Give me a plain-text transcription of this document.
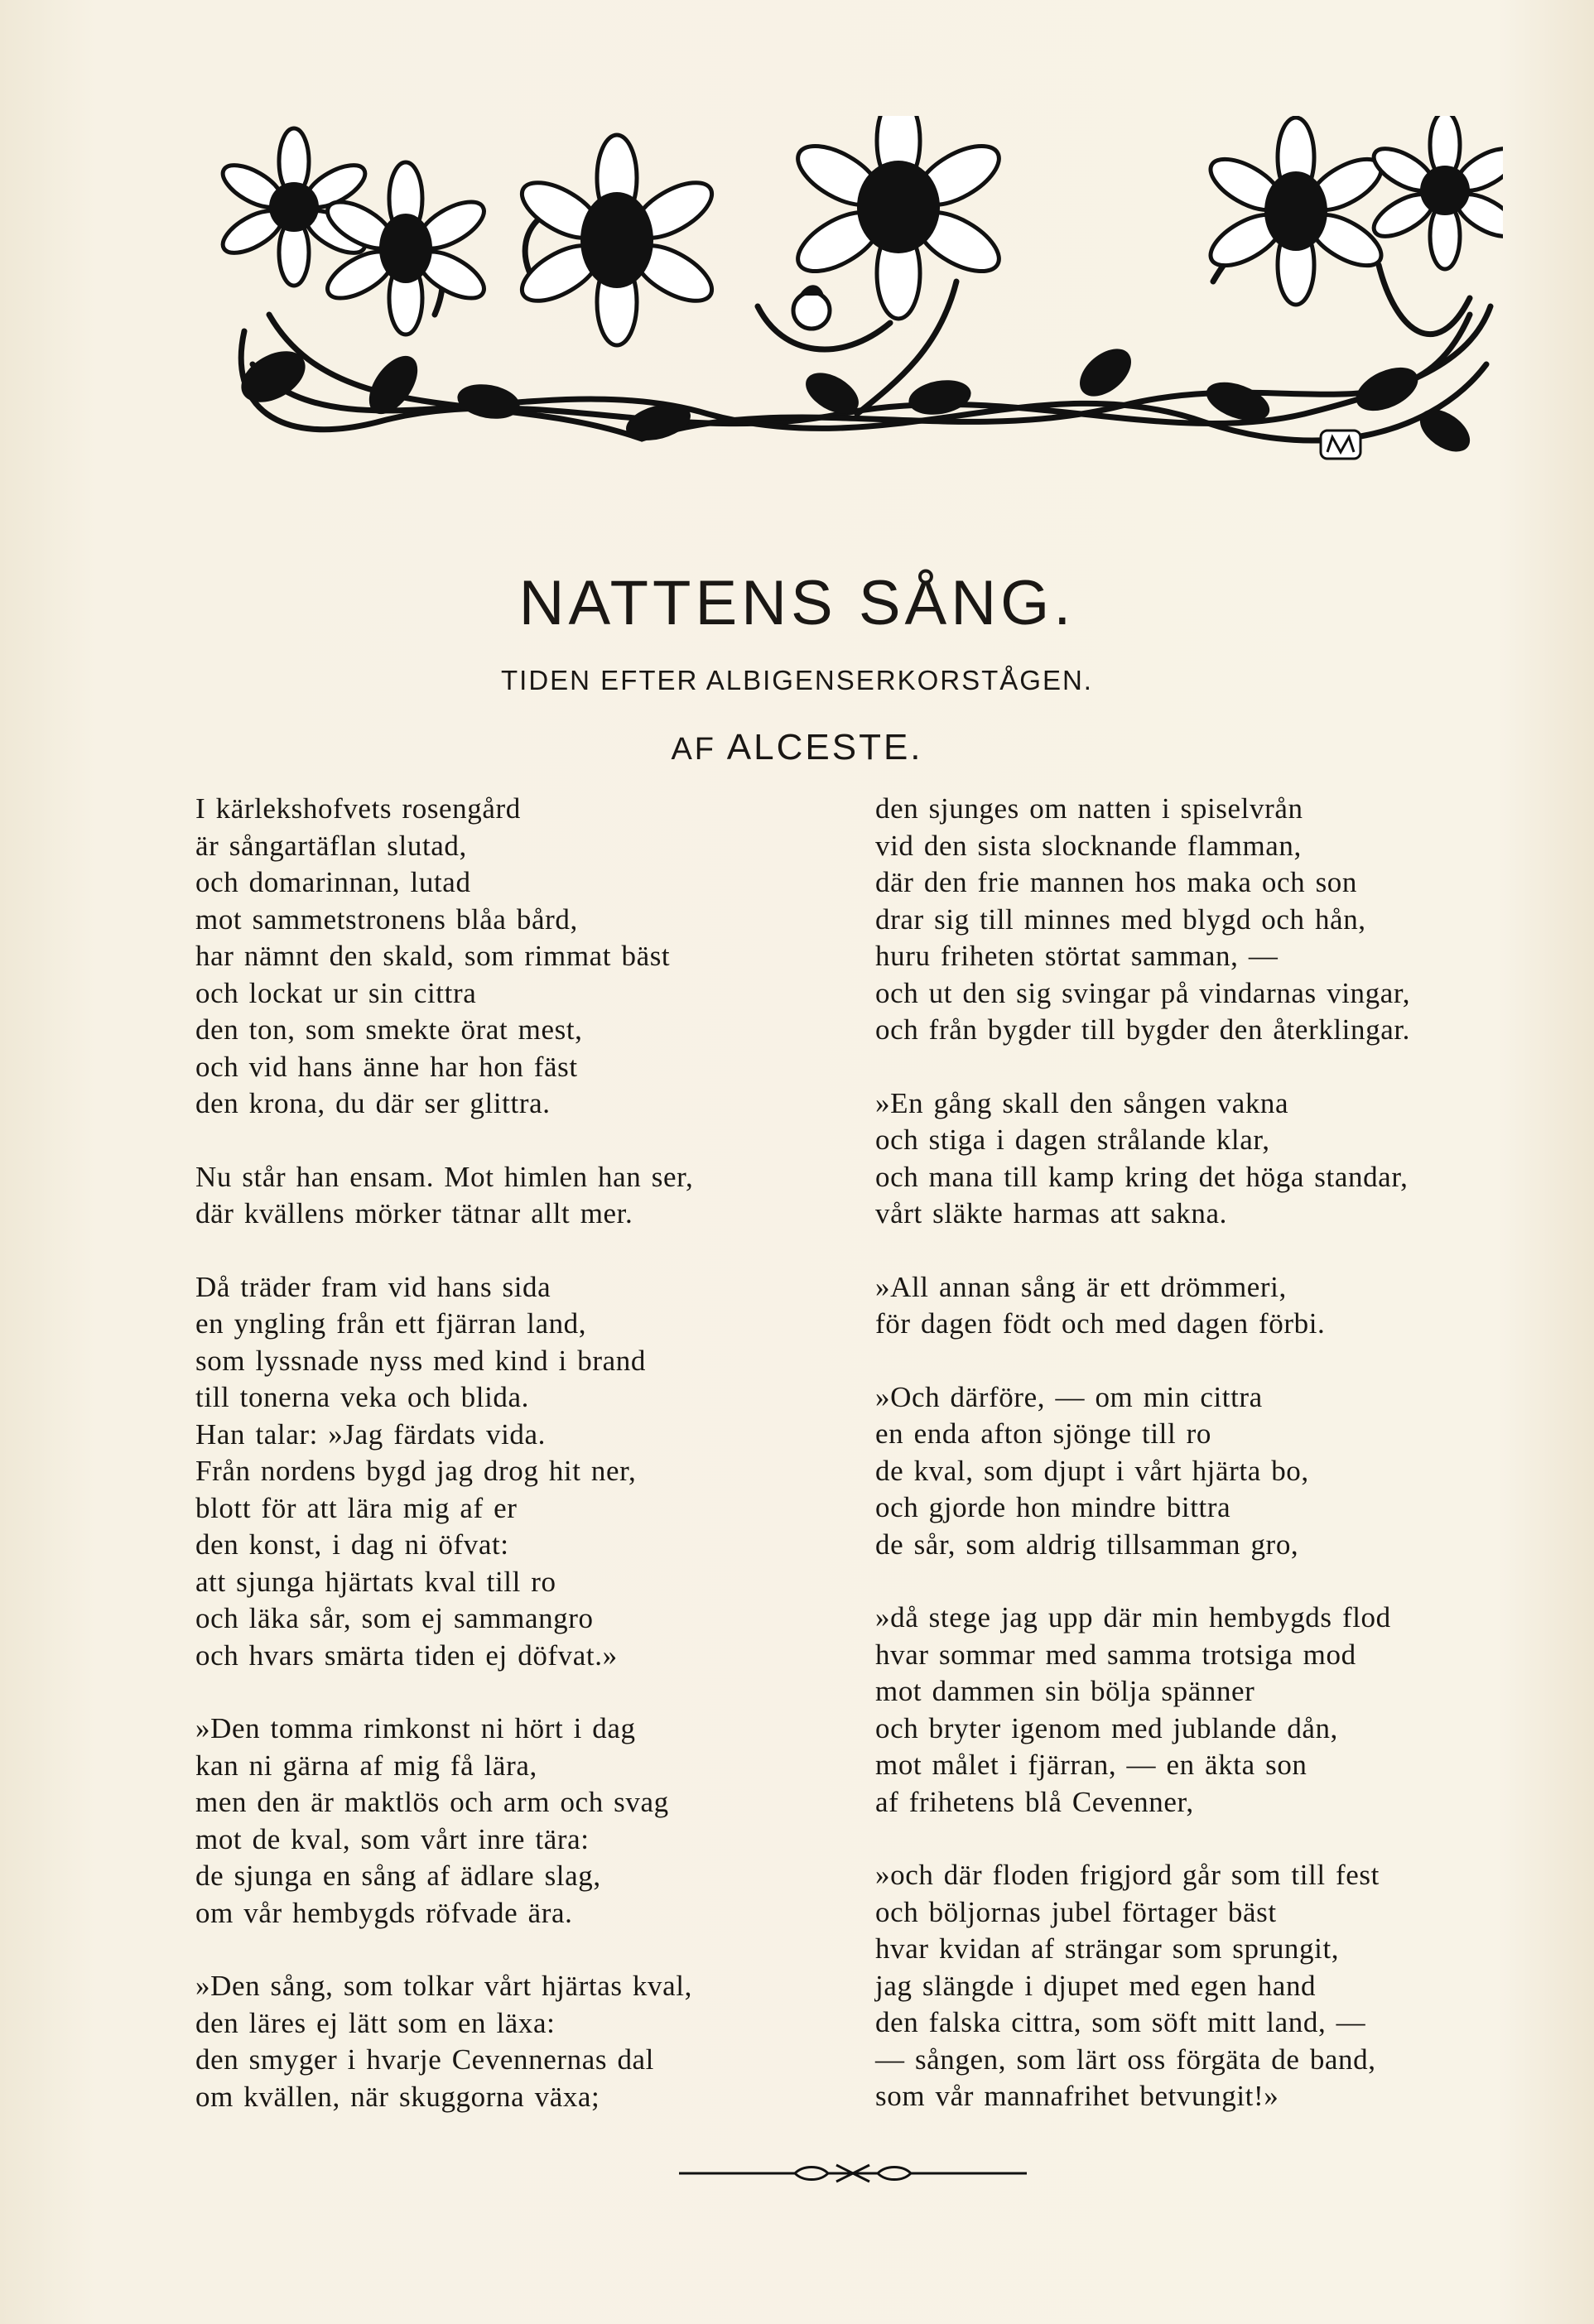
NATTENS SÅNG.
TIDEN EFTER ALBIGENSERKORSTÅGEN.
AF ALCESTE.
I kärlekshofvets rosengård
är sångartäflan slutad,
och domarinnan, lutad
mot sammetstronens blåa bård,
har nämnt den skald, som rimmat bäst
och lockat ur sin cittra
den ton, som smekte örat mest,
och vid hans änne har hon fäst
den krona, du där ser glittra.
Nu står han ensam. Mot himlen han ser,
där kvällens mörker tätnar allt mer.
Då träder fram vid hans sida
en yngling från ett fjärran land,
som lyssnade nyss med kind i brand
till tonerna veka och blida.
Han talar: »Jag färdats vida.
Från nordens bygd jag drog hit ner,
blott för att lära mig af er
den konst, i dag ni öfvat:
att sjunga hjärtats kval till ro
och läka sår, som ej sammangro
och hvars smärta tiden ej döfvat.»
»Den tomma rimkonst ni hört i dag
kan ni gärna af mig få lära,
men den är maktlös och arm och svag
mot de kval, som vårt inre tära:
de sjunga en sång af ädlare slag,
om vår hembygds röfvade ära.
»Den sång, som tolkar vårt hjärtas kval,
den läres ej lätt som en läxa:
den smyger i hvarje Cevennernas dal
om kvällen, när skuggorna växa;
den sjunges om natten i spiselvrån
vid den sista slocknande flamman,
där den frie mannen hos maka och son
drar sig till minnes med blygd och hån,
huru friheten störtat samman, —
och ut den sig svingar på vindarnas vingar,
och från bygder till bygder den återklingar.
»En gång skall den sången vakna
och stiga i dagen strålande klar,
och mana till kamp kring det höga standar,
vårt släkte harmas att sakna.
»All annan sång är ett drömmeri,
för dagen födt och med dagen förbi.
»Och därföre, — om min cittra
en enda afton sjönge till ro
de kval, som djupt i vårt hjärta bo,
och gjorde hon mindre bittra
de sår, som aldrig tillsamman gro,
»då stege jag upp där min hembygds flod
hvar sommar med samma trotsiga mod
mot dammen sin bölja spänner
och bryter igenom med jublande dån,
mot målet i fjärran, — en äkta son
af frihetens blå Cevenner,
»och där floden frigjord går som till fest
och böljornas jubel förtager bäst
hvar kvidan af strängar som sprungit,
jag slängde i djupet med egen hand
den falska cittra, som söft mitt land, —
— sången, som lärt oss förgäta de band,
som vår mannafrihet betvungit!»
